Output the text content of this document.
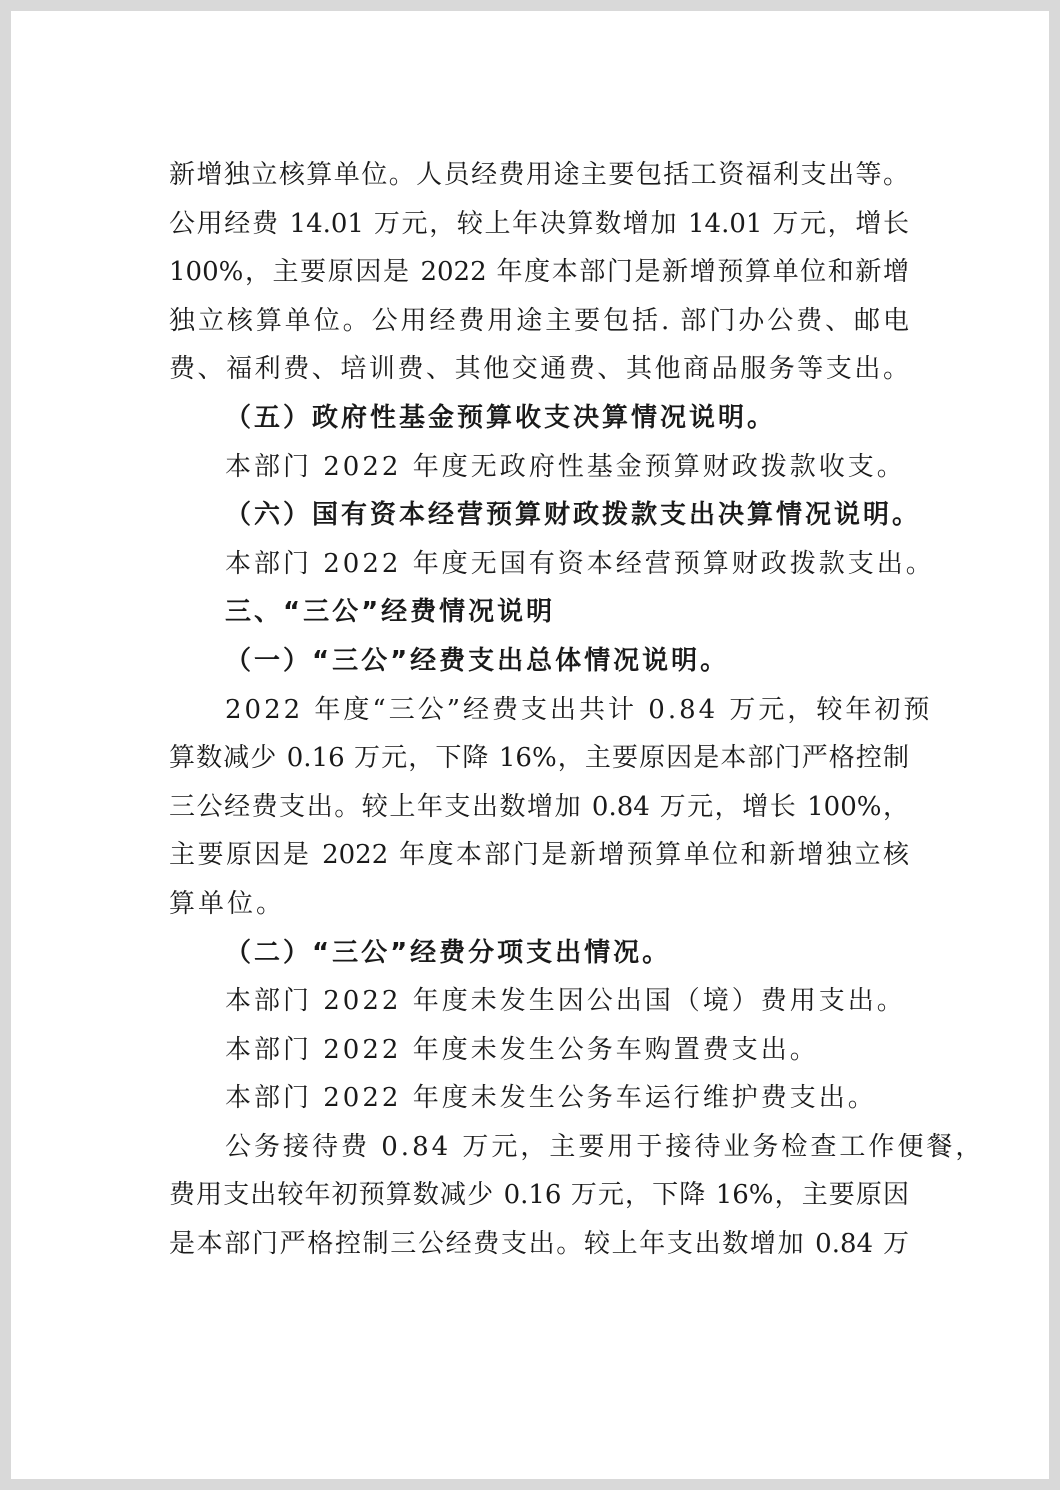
新增独立核算单位。人员经费用途主要包括工资福利支出等。
公用经费 14.01 万元，较上年决算数增加 14.01 万元，增长
100%，主要原因是 2022 年度本部门是新增预算单位和新增
独立核算单位。公用经费用途主要包括. 部门办公费、邮电
费、福利费、培训费、其他交通费、其他商品服务等支出。
（五）政府性基金预算收支决算情况说明。
本部门 2022 年度无政府性基金预算财政拨款收支。
（六）国有资本经营预算财政拨款支出决算情况说明。
本部门 2022 年度无国有资本经营预算财政拨款支出。
三、“三公”经费情况说明
（一）“三公”经费支出总体情况说明。
2022 年度“三公”经费支出共计 0.84 万元，较年初预
算数减少 0.16 万元，下降 16%，主要原因是本部门严格控制
三公经费支出。较上年支出数增加 0.84 万元，增长 100%，
主要原因是 2022 年度本部门是新增预算单位和新增独立核
算单位。
（二）“三公”经费分项支出情况。
本部门 2022 年度未发生因公出国（境）费用支出。
本部门 2022 年度未发生公务车购置费支出。
本部门 2022 年度未发生公务车运行维护费支出。
公务接待费 0.84 万元，主要用于接待业务检查工作便餐，
费用支出较年初预算数减少 0.16 万元，下降 16%，主要原因
是本部门严格控制三公经费支出。较上年支出数增加 0.84 万
